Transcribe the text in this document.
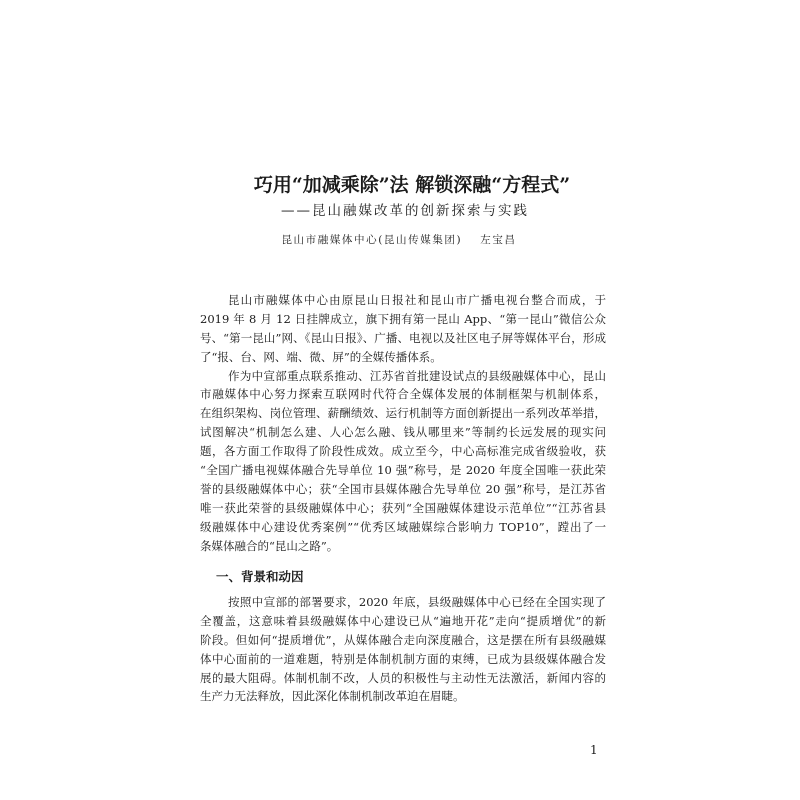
巧用“加减乘除”法 解锁深融“方程式”
——昆山融媒改革的创新探索与实践
昆山市融媒体中心(昆山传媒集团) 左宝昌
昆山市融媒体中心由原昆山日报社和昆山市广播电视台整合而成，于
2019 年 8 月 12 日挂牌成立，旗下拥有第一昆山 App、“第一昆山”微信公众
号、“第一昆山”网、《昆山日报》、广播、电视以及社区电子屏等媒体平台，形成
了“报、台、网、端、微、屏”的全媒传播体系。
作为中宣部重点联系推动、江苏省首批建设试点的县级融媒体中心，昆山
市融媒体中心努力探索互联网时代符合全媒体发展的体制框架与机制体系，
在组织架构、岗位管理、薪酬绩效、运行机制等方面创新提出一系列改革举措，
试图解决“机制怎么建、人心怎么融、钱从哪里来”等制约长远发展的现实问
题，各方面工作取得了阶段性成效。成立至今，中心高标准完成省级验收，获
“全国广播电视媒体融合先导单位 10 强”称号，是 2020 年度全国唯一获此荣
誉的县级融媒体中心；获“全国市县媒体融合先导单位 20 强”称号，是江苏省
唯一获此荣誉的县级融媒体中心；获列“全国融媒体建设示范单位”“江苏省县
级融媒体中心建设优秀案例”“优秀区域融媒综合影响力 TOP10”，蹚出了一
条媒体融合的“昆山之路”。
一、背景和动因
按照中宣部的部署要求，2020 年底，县级融媒体中心已经在全国实现了
全覆盖，这意味着县级融媒体中心建设已从“遍地开花”走向“提质增优”的新
阶段。但如何“提质增优”，从媒体融合走向深度融合，这是摆在所有县级融媒
体中心面前的一道难题，特别是体制机制方面的束缚，已成为县级媒体融合发
展的最大阻碍。体制机制不改，人员的积极性与主动性无法激活，新闻内容的
生产力无法释放，因此深化体制机制改革迫在眉睫。
1
